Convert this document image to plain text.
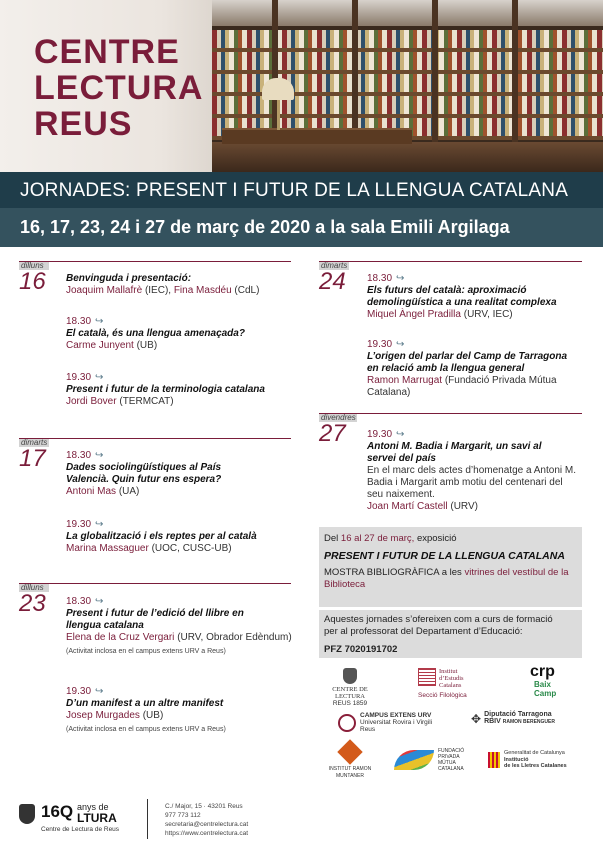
CENTRE
LECTURA
REUS
JORNADES: PRESENT I FUTUR DE LA LLENGUA CATALANA
16, 17, 23, 24 i 27 de març de 2020 a la sala Emili Argilaga
dilluns
16 Benvinguda i presentació:
Joaquim Mallafrè (IEC), Fina Masdéu (CdL)
18.30 ↪
El català, és una llengua amenaçada?
Carme Junyent (UB)
19.30 ↪
Present i futur de la terminologia catalana
Jordi Bover (TERMCAT)
dimarts
17 18.30 ↪
Dades sociolingüístiques al País
Valencià. Quin futur ens espera?
Antoni Mas (UA)
19.30 ↪
La globalització i els reptes per al català
Marina Massaguer (UOC, CUSC-UB)
dilluns
23 18.30 ↪
Present i futur de l’edició del llibre en
llengua catalana
Elena de la Cruz Vergari (URV, Obrador Edèndum)
(Activitat inclosa en el campus extens URV a Reus)
19.30 ↪
D’un manifest a un altre manifest
Josep Murgades (UB)
(Activitat inclosa en el campus extens URV a Reus)
dimarts
24 18.30 ↪
Els futurs del català: aproximació
demolingüística a una realitat complexa
Miquel Àngel Pradilla (URV, IEC)
19.30 ↪
L’origen del parlar del Camp de Tarragona
en relació amb la llengua general
Ramon Marrugat (Fundació Privada Mútua
Catalana)
divendres
27 19.30 ↪
Antoni M. Badia i Margarit, un savi al
servei del país
En el marc dels actes d’homenatge a Antoni M.
Badia i Margarit amb motiu del centenari del
seu naixement.
Joan Martí Castell (URV)
Del 16 al 27 de març, exposició
PRESENT I FUTUR DE LA LLENGUA CATALANA
MOSTRA BIBLIOGRÀFICA a les vitrines del vestíbul de la
Biblioteca
Aquestes jornades s’ofereixen com a curs de formació
per al professorat del Departament d’Educació:
PFZ 7020191702
CENTRE DE LECTURA
REUS 1859
Institut
d’Estudis
Catalans
Secció Filològica
crp
Baix
Camp
CAMPUS EXTENS URV
Universitat Rovira i Virgili
Reus
✥ Diputació Tarragona
RBIV RAMON BERENGUER
INSTITUT RAMON MUNTANER
FUNDACIÓ
PRIVADA
MÚTUA
CATALANA
Generalitat de Catalunya
Institució
de les Lletres Catalanes
16Q anys de
LTURA
Centre de Lectura de Reus
C./ Major, 15 · 43201 Reus
977 773 112
secretaria@centrelectura.cat
https://www.centrelectura.cat
